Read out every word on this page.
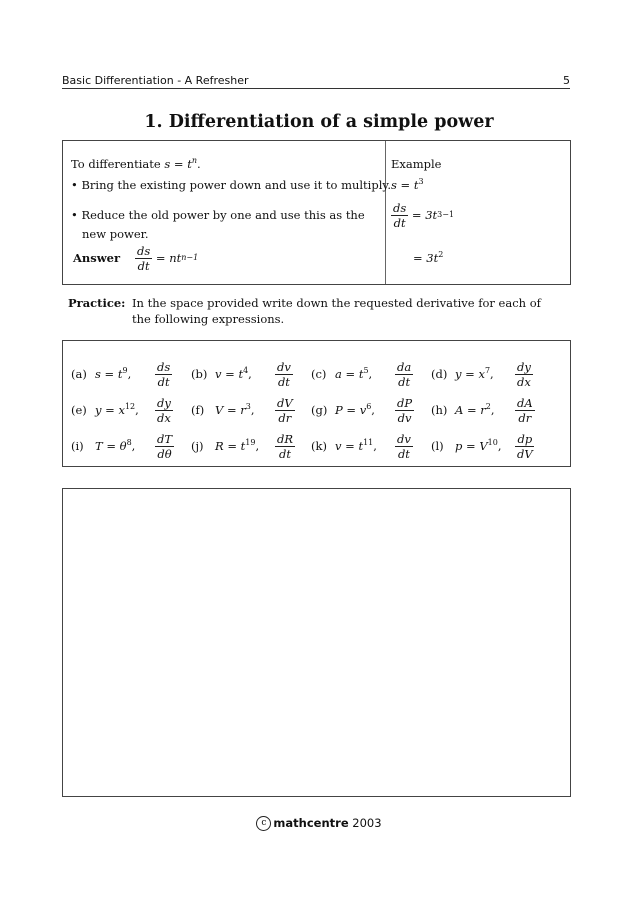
Basic Differentiation - A Refresher	5
1. Differentiation of a simple power
To differentiate $s = t^n$.
• Bring the existing power down and use it to multiply.
• Reduce the old power by one and use this as the
new power.
Answer	$\frac{ds}{dt}$ = nt n−1
Example
$s = t^3$
$\frac{ds}{dt} = 3t$ 3−1
= $3t^2$
Practice: In the space provided write down the requested derivative for each of the following expressions.
(a) $s = t^9$,	$\frac{ds}{dt} (b) v = t^4$,	$\frac{dv}{dt} (c) a = t^5$,	$\frac{da}{dt} (d) y = x^7$,	$\frac{dy}{dx}$
(e) $y = x^{12}$,	$\frac{dy}{dx} (f) V = r^3$,	$\frac{dV}{dr} (g) P = v^6$,	$\frac{dP}{dv} (h) A = r^2$,	$\frac{dA}{dr}$
(i) $T = \theta^8$,	$\frac{dT}{d\theta} (j) R = t^{19}$,	$\frac{dR}{dt} (k) v = t^{11}$,	$\frac{dv}{dt} (l) p = V^{10}$,	$\frac{dp}{dV}$
c mathcentre 2003
